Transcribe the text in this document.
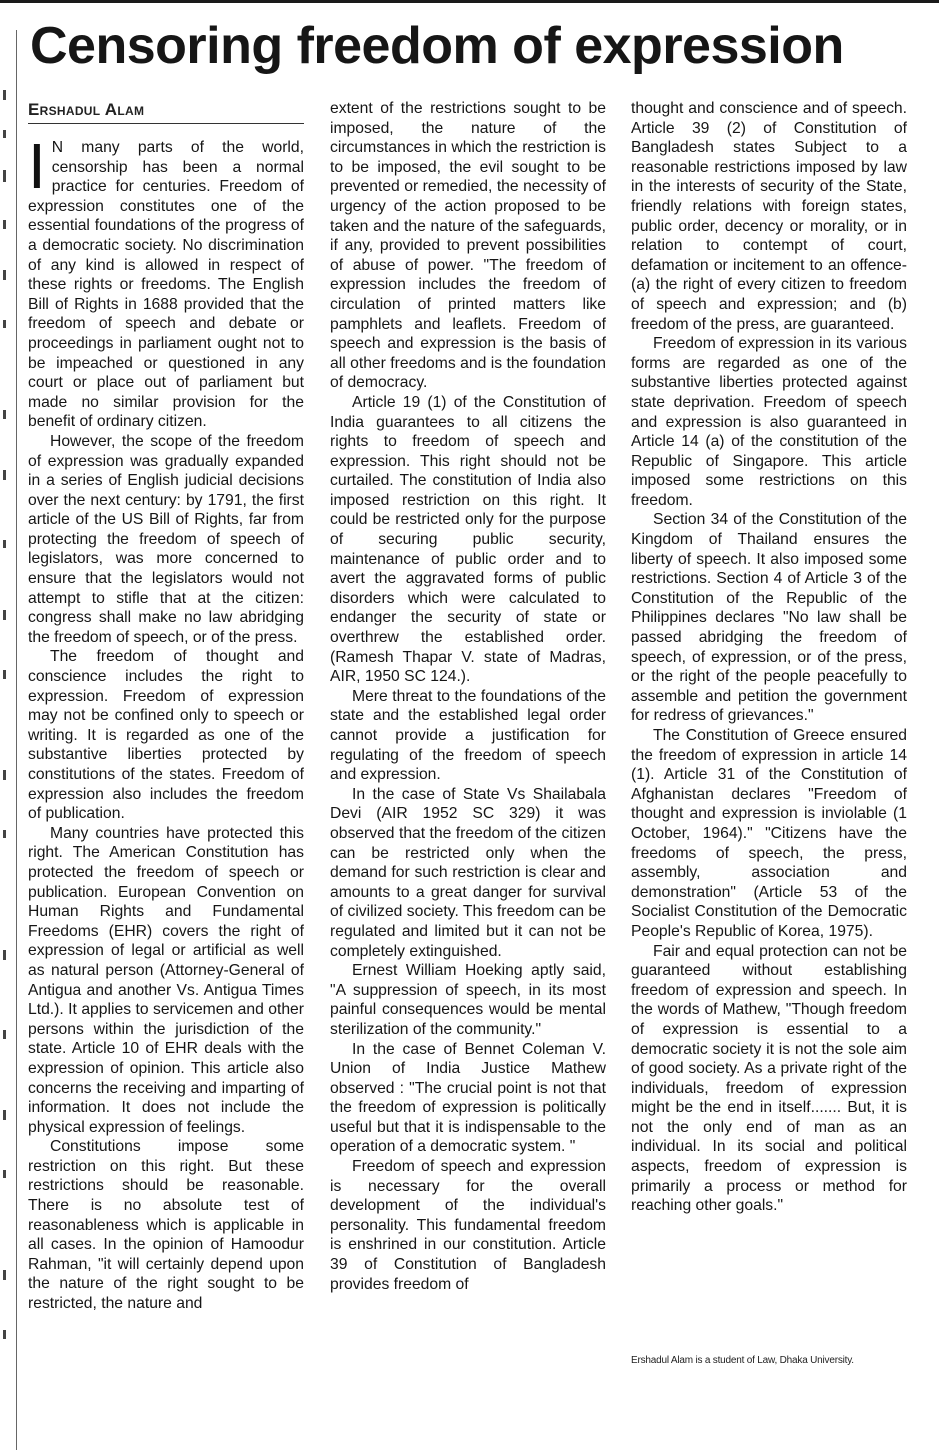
Censoring freedom of expression
Ershadul Alam

I N many parts of the world, censorship has been a normal practice for centuries. Freedom of expression constitutes one of the essential foundations of the progress of a democratic society. No discrimination of any kind is allowed in respect of these rights or freedoms. The English Bill of Rights in 1688 provided that the freedom of speech and debate or proceedings in parliament ought not to be impeached or questioned in any court or place out of parliament but made no similar provision for the benefit of ordinary citizen.

However, the scope of the freedom of expression was gradually expanded in a series of English judicial decisions over the next century: by 1791, the first article of the US Bill of Rights, far from protecting the freedom of speech of legislators, was more concerned to ensure that the legislators would not attempt to stifle that at the citizen: congress shall make no law abridging the freedom of speech, or of the press.

The freedom of thought and conscience includes the right to expression. Freedom of expression may not be confined only to speech or writing. It is regarded as one of the substantive liberties protected by constitutions of the states. Freedom of expression also includes the freedom of publication.

Many countries have protected this right. The American Constitution has protected the freedom of speech or publication. European Convention on Human Rights and Fundamental Freedoms (EHR) covers the right of expression of legal or artificial as well as natural person (Attorney-General of Antigua and another Vs. Antigua Times Ltd.). It applies to servicemen and other persons within the jurisdiction of the state. Article 10 of EHR deals with the expression of opinion. This article also concerns the receiving and imparting of information. It does not include the physical expression of feelings.

Constitutions impose some restriction on this right. But these restrictions should be reasonable. There is no absolute test of reasonableness which is applicable in all cases. In the opinion of Hamoodur Rahman, "it will certainly depend upon the nature of the right sought to be restricted, the nature and

extent of the restrictions sought to be imposed, the nature of the circumstances in which the restriction is to be imposed, the evil sought to be prevented or remedied, the necessity of urgency of the action proposed to be taken and the nature of the safeguards, if any, provided to prevent possibilities of abuse of power. "The freedom of expression includes the freedom of circulation of printed matters like pamphlets and leaflets. Freedom of speech and expression is the basis of all other freedoms and is the foundation of democracy.

Article 19 (1) of the Constitution of India guarantees to all citizens the rights to freedom of speech and expression. This right should not be curtailed. The constitution of India also imposed restriction on this right. It could be restricted only for the purpose of securing public security, maintenance of public order and to avert the aggravated forms of public disorders which were calculated to endanger the security of state or overthrew the established order. (Ramesh Thapar V. state of Madras, AIR, 1950 SC 124.).

Mere threat to the foundations of the state and the established legal order cannot provide a justification for regulating of the freedom of speech and expression.

In the case of State Vs Shailabala Devi (AIR 1952 SC 329) it was observed that the freedom of the citizen can be restricted only when the demand for such restriction is clear and amounts to a great danger for survival of civilized society. This freedom can be regulated and limited but it can not be completely extinguished.

Ernest William Hoeking aptly said, "A suppression of speech, in its most painful consequences would be mental sterilization of the community."

In the case of Bennet Coleman V. Union of India Justice Mathew observed : "The crucial point is not that the freedom of expression is politically useful but that it is indispensable to the operation of a democratic system. "

Freedom of speech and expression is necessary for the overall development of the individual's personality. This fundamental freedom is enshrined in our constitution. Article 39 of Constitution of Bangladesh provides freedom of

thought and conscience and of speech. Article 39 (2) of Constitution of Bangladesh states Subject to a reasonable restrictions imposed by law in the interests of security of the State, friendly relations with foreign states, public order, decency or morality, or in relation to contempt of court, defamation or incitement to an offence- (a) the right of every citizen to freedom of speech and expression; and (b) freedom of the press, are guaranteed.

Freedom of expression in its various forms are regarded as one of the substantive liberties protected against state deprivation. Freedom of speech and expression is also guaranteed in Article 14 (a) of the constitution of the Republic of Singapore. This article imposed some restrictions on this freedom.

Section 34 of the Constitution of the Kingdom of Thailand ensures the liberty of speech. It also imposed some restrictions. Section 4 of Article 3 of the Constitution of the Republic of the Philippines declares "No law shall be passed abridging the freedom of speech, of expression, or of the press, or the right of the people peacefully to assemble and petition the government for redress of grievances."

The Constitution of Greece ensured the freedom of expression in article 14 (1). Article 31 of the Constitution of Afghanistan declares "Freedom of thought and expression is inviolable (1 October, 1964)." "Citizens have the freedoms of speech, the press, assembly, association and demonstration" (Article 53 of the Socialist Constitution of the Democratic People's Republic of Korea, 1975).

Fair and equal protection can not be guaranteed without establishing freedom of expression and speech. In the words of Mathew, "Though freedom of expression is essential to a democratic society it is not the sole aim of good society. As a private right of the individuals, freedom of expression might be the end in itself....... But, it is not the only end of man as an individual. In its social and political aspects, freedom of expression is primarily a process or method for reaching other goals."

Ershadul Alam is a student of Law, Dhaka University.
